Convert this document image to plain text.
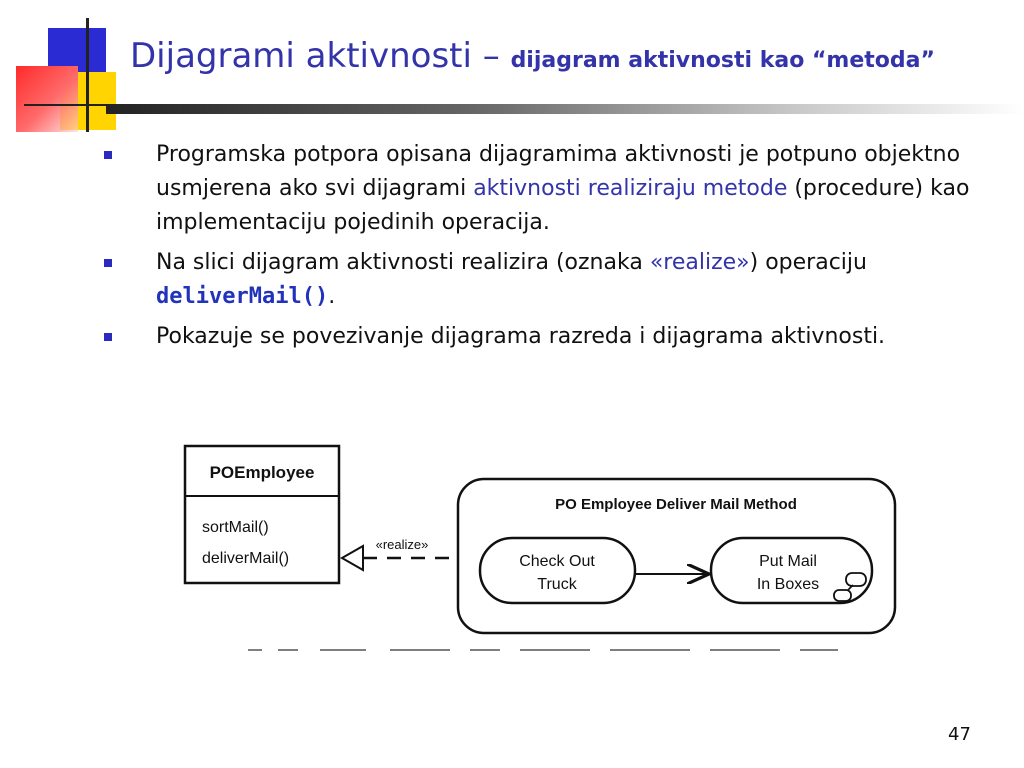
Dijagrami aktivnosti – dijagram aktivnosti kao “metoda”
Programska potpora opisana dijagramima aktivnosti je potpuno objektno usmjerena ako svi dijagrami aktivnosti realiziraju metode (procedure) kao implementaciju pojedinih operacija.
Na slici dijagram aktivnosti realizira (oznaka «realize») operaciju
deliverMail().
Pokazuje se povezivanje dijagrama razreda i dijagrama aktivnosti.
POEmployee
sortMail()
deliverMail()
«realize»
PO Employee Deliver Mail Method
Check Out
Truck
Put Mail
In Boxes
47
